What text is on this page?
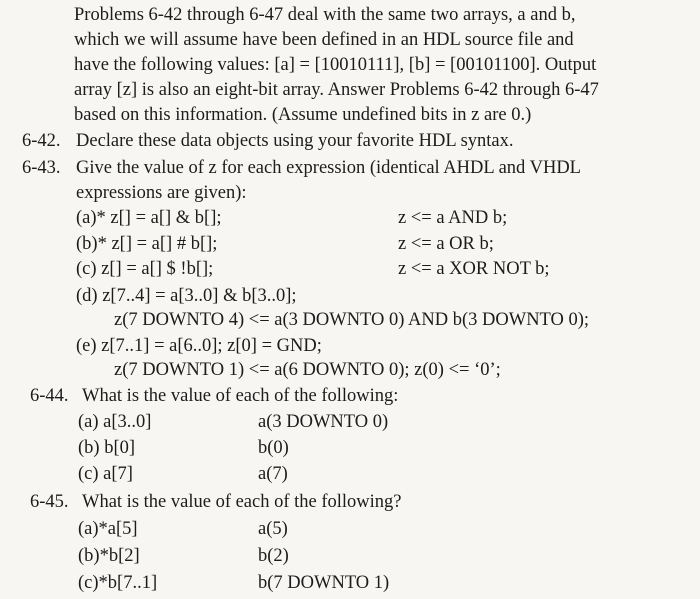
Problems 6-42 through 6-47 deal with the same two arrays, a and b,
which we will assume have been defined in an HDL source file and
have the following values: [a] = [10010111], [b] = [00101100]. Output
array [z] is also an eight-bit array. Answer Problems 6-42 through 6-47
based on this information. (Assume undefined bits in z are 0.)
6-42. Declare these data objects using your favorite HDL syntax.
6-43. Give the value of z for each expression (identical AHDL and VHDL
expressions are given):
(a)* z[] = a[] & b[];	z <= a AND b;
(b)* z[] = a[] # b[];	z <= a OR b;
(c) z[] = a[] $ !b[];	z <= a XOR NOT b;
(d) z[7..4] = a[3..0] & b[3..0];
z(7 DOWNTO 4) <= a(3 DOWNTO 0) AND b(3 DOWNTO 0);
(e) z[7..1] = a[6..0]; z[0] = GND;
z(7 DOWNTO 1) <= a(6 DOWNTO 0); z(0) <= ‘0’;
6-44. What is the value of each of the following:
(a) a[3..0]	a(3 DOWNTO 0)
(b) b[0]	b(0)
(c) a[7]	a(7)
6-45. What is the value of each of the following?
(a)*a[5]	a(5)
(b)*b[2]	b(2)
(c)*b[7..1]	b(7 DOWNTO 1)
